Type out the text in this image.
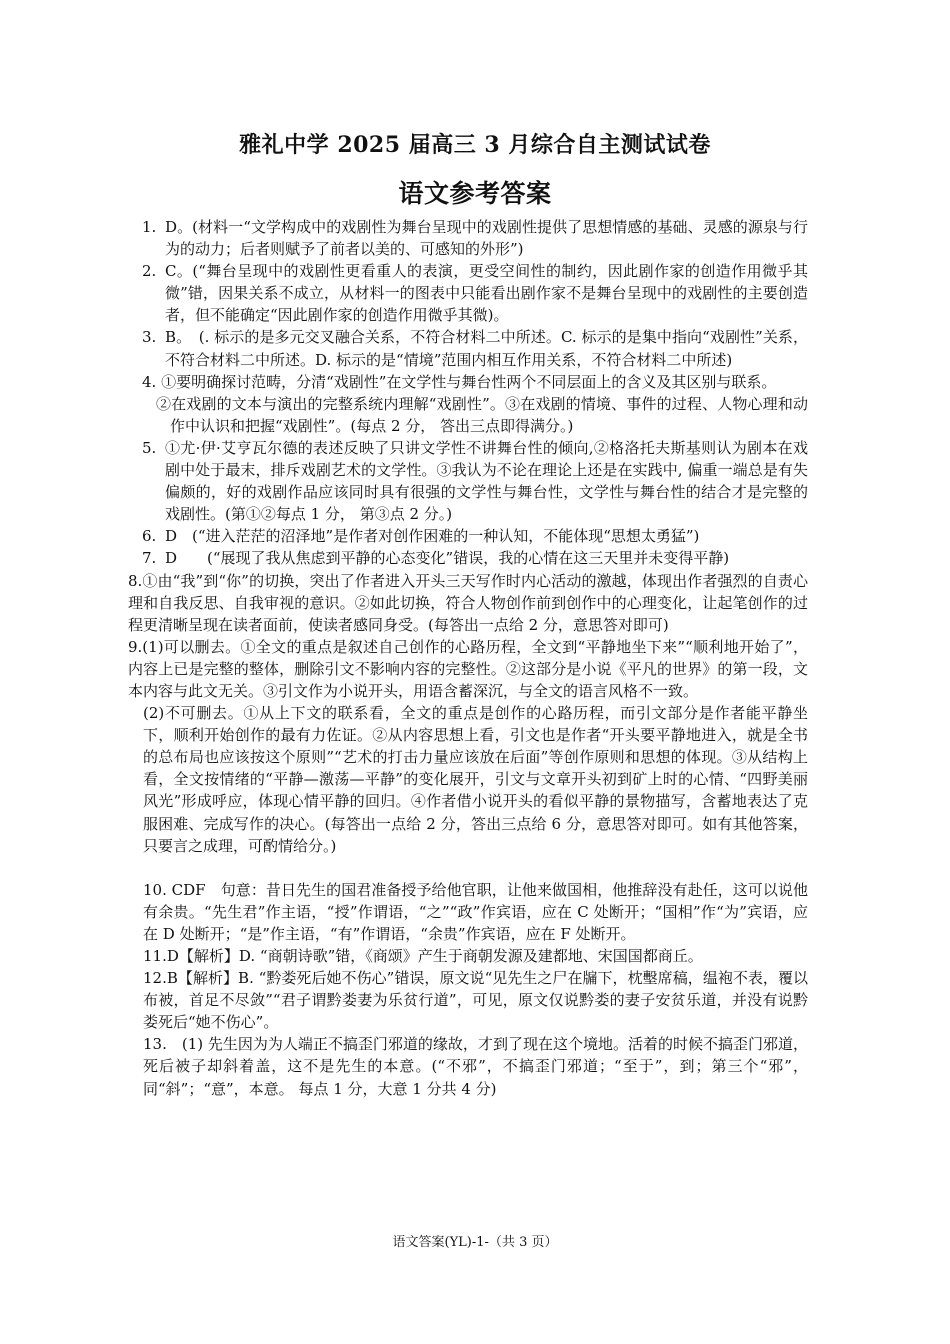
雅礼中学 2025 届高三 3 月综合自主测试试卷
语文参考答案
1. D。(材料一“文学构成中的戏剧性为舞台呈现中的戏剧性提供了思想情感的基础、灵感的源泉与行为的动力；后者则赋予了前者以美的、可感知的外形”)

2. C。(“舞台呈现中的戏剧性更看重人的表演，更受空间性的制约，因此剧作家的创造作用微乎其微”错，因果关系不成立，从材料一的图表中只能看出剧作家不是舞台呈现中的戏剧性的主要创造者，但不能确定“因此剧作家的创造作用微乎其微)。

3. B。　(. 标示的是多元交叉融合关系，不符合材料二中所述。C. 标示的是集中指向“戏剧性”关系，不符合材料二中所述。D. 标示的是“情境”范围内相互作用关系，不符合材料二中所述)

4. ①要明确探讨范畴，分清“戏剧性”在文学性与舞台性两个不同层面上的含义及其区别与联系。

②在戏剧的文本与演出的完整系统内理解“戏剧性”。③在戏剧的情境、事件的过程、人物心理和动作中认识和把握“戏剧性”。(每点 2 分， 答出三点即得满分。)

5. ①尤·伊·艾亨瓦尔德的表述反映了只讲文学性不讲舞台性的倾向,②格洛托夫斯基则认为剧本在戏剧中处于最末，排斥戏剧艺术的文学性。③我认为不论在理论上还是在实践中, 偏重一端总是有失偏颇的，好的戏剧作品应该同时具有很强的文学性与舞台性，文学性与舞台性的结合才是完整的戏剧性。(第①②每点 1 分， 第③点 2 分。)

6. D　(“进入茫茫的沼泽地”是作者对创作困难的一种认知，不能体现“思想太勇猛”)

7. D　　(“展现了我从焦虑到平静的心态变化”错误，我的心情在这三天里并未变得平静)

8.①由“我”到“你”的切换，突出了作者进入开头三天写作时内心活动的激越，体现出作者强烈的自责心理和自我反思、自我审视的意识。②如此切换，符合人物创作前到创作中的心理变化，让起笔创作的过程更清晰呈现在读者面前，使读者感同身受。(每答出一点给 2 分，意思答对即可)

9.(1)可以删去。①全文的重点是叙述自己创作的心路历程，全文到“平静地坐下来”“顺利地开始了”，内容上已是完整的整体，删除引文不影响内容的完整性。②这部分是小说《平凡的世界》的第一段，文本内容与此文无关。③引文作为小说开头，用语含蓄深沉，与全文的语言风格不一致。

(2)不可删去。①从上下文的联系看，全文的重点是创作的心路历程，而引文部分是作者能平静坐下，顺利开始创作的最有力佐证。②从内容思想上看，引文也是作者“开头要平静地进入，就是全书的总布局也应该按这个原则”“艺术的打击力量应该放在后面”等创作原则和思想的体现。③从结构上看，全文按情绪的“平静—激荡—平静”的变化展开，引文与文章开头初到矿上时的心情、“四野美丽风光”形成呼应，体现心情平静的回归。④作者借小说开头的看似平静的景物描写，含蓄地表达了克服困难、完成写作的决心。(每答出一点给 2 分，答出三点给 6 分，意思答对即可。如有其他答案，只要言之成理，可酌情给分。)

10. CDF　句意：昔日先生的国君准备授予给他官职，让他来做国相，他推辞没有赴任，这可以说他有余贵。“先生君”作主语，“授”作谓语，“之”“政”作宾语，应在 C 处断开；“国相”作“为”宾语，应在 D 处断开；“是”作主语，“有”作谓语，“余贵”作宾语，应在 F 处断开。

11.D【解析】D. “商朝诗歌”错，《商颂》产生于商朝发源及建都地、宋国国都商丘。

12.B【解析】B. “黔娄死后她不伤心”错误，原文说“见先生之尸在牖下，枕墼席稿，缊袍不表，覆以布被，首足不尽敛”“君子谓黔娄妻为乐贫行道”，可见，原文仅说黔娄的妻子安贫乐道，并没有说黔娄死后“她不伤心”。

13.　(1) 先生因为为人端正不搞歪门邪道的缘故，才到了现在这个境地。活着的时候不搞歪门邪道，死后被子却斜着盖，这不是先生的本意。(“不邪”，不搞歪门邪道；“至于”，到；第三个“邪”，同“斜”；“意”，本意。 每点 1 分，大意 1 分共 4 分)

语文答案(YL)-1-（共 3 页）
